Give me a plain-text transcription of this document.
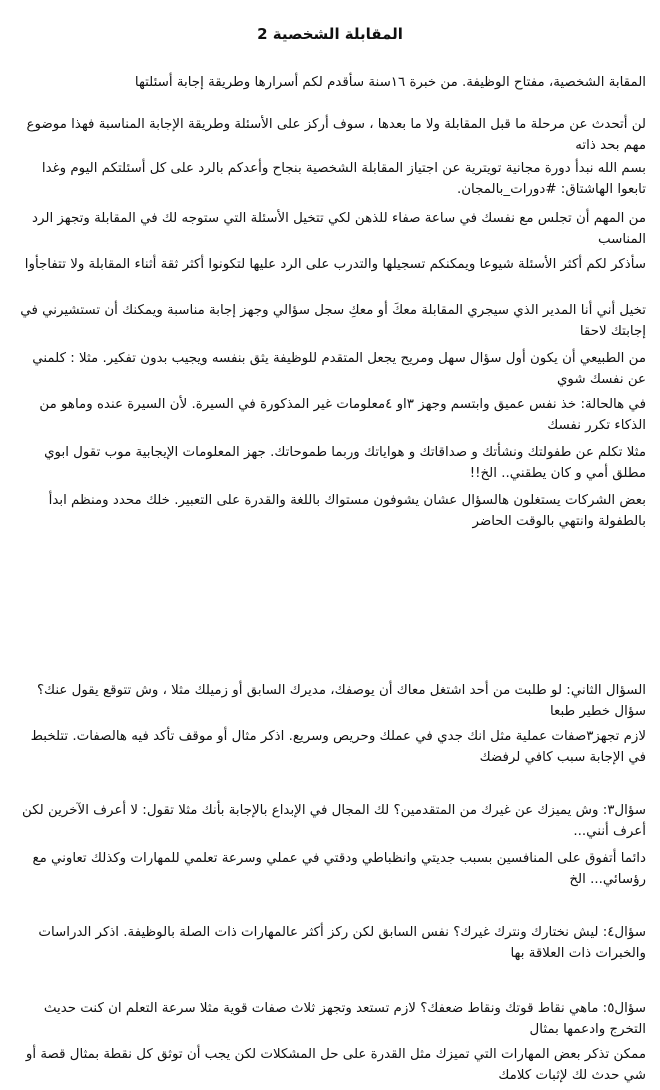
المقابلة الشخصية 2

المقابة الشخصية، مفتاح الوظيفة. من خبرة ١٦سنة سأقدم لكم أسرارها وطريقة إجابة أسئلتها

لن أتحدث عن مرحلة ما قبل المقابلة ولا ما بعدها ، سوف أركز على الأسئلة وطريقة الإجابة المناسبة فهذا موضوع مهم بحد ذاته

بسم الله نبدأ دورة مجانية تويترية عن اجتياز المقابلة الشخصية بنجاح وأعدكم بالرد على كل أسئلتكم اليوم وغدا تابعوا الهاشتاق: #دورات_بالمجان.

من المهم أن تجلس مع نفسك في ساعة صفاء للذهن لكي تتخيل الأسئلة التي ستوجه لك في المقابلة وتجهز الرد المناسب

سأذكر لكم أكثر الأسئلة شيوعا ويمكنكم تسجيلها والتدرب على الرد عليها لتكونوا أكثر ثقة أثناء المقابلة ولا تتفاجأوا

تخيل أني أنا المدير الذي سيجري المقابلة معكَ أو معكِ سجل سؤالي وجهز إجابة مناسبة ويمكنك أن تستشيرني في إجابتك لاحقا

من الطبيعي أن يكون أول سؤال سهل ومريح يجعل المتقدم للوظيفة يثق بنفسه ويجيب بدون تفكير. مثلا : كلمني عن نفسك شوي

في هالحالة: خذ نفس عميق وابتسم وجهز ٣او ٤معلومات غير المذكورة في السيرة. لأن السيرة عنده وماهو من الذكاء تكرر نفسك

مثلا تكلم عن طفولتك ونشأتك و صداقاتك و هواياتك وربما طموحاتك. جهز المعلومات الإيجابية موب تقول ابوي مطلق أمي و كان يطقني.. الخ!!

بعض الشركات يستغلون هالسؤال عشان يشوفون مستواك باللغة والقدرة على التعبير. خلك محدد ومنظم ابدأ بالطفولة وانتهي بالوقت الحاضر

السؤال الثاني: لو طلبت من أحد اشتغل معاك أن يوصفك، مديرك السابق أو زميلك مثلا ، وش تتوقع يقول عنك؟ سؤال خطير طبعا

لازم تجهز٣صفات عملية مثل انك جدي في عملك وحريص وسريع. اذكر مثال أو موقف تأكد فيه هالصفات. تتلخبط في الإجابة سبب كافي لرفضك

سؤال٣: وش يميزك عن غيرك من المتقدمين؟ لك المجال في الإبداع بالإجابة بأنك مثلا تقول: لا أعرف الآخرين لكن أعرف أنني...

دائما أتفوق على المنافسين بسبب جديتي وانظباطي ودقتي في عملي وسرعة تعلمي للمهارات وكذلك تعاوني مع رؤسائي... الخ

سؤال٤: ليش نختارك ونترك غيرك؟ نفس السابق لكن ركز أكثر عالمهارات ذات الصلة بالوظيفة. اذكر الدراسات والخبرات ذات العلاقة بها

سؤال٥: ماهي نقاط قوتك ونقاط ضعفك؟ لازم تستعد وتجهز ثلاث صفات قوية مثلا سرعة التعلم ان كنت حديث التخرج وادعمها بمثال

ممكن تذكر بعض المهارات التي تميزك مثل القدرة على حل المشكلات لكن يجب أن توثق كل نقطة بمثال قصة أو شي حدث لك لإثبات كلامك
